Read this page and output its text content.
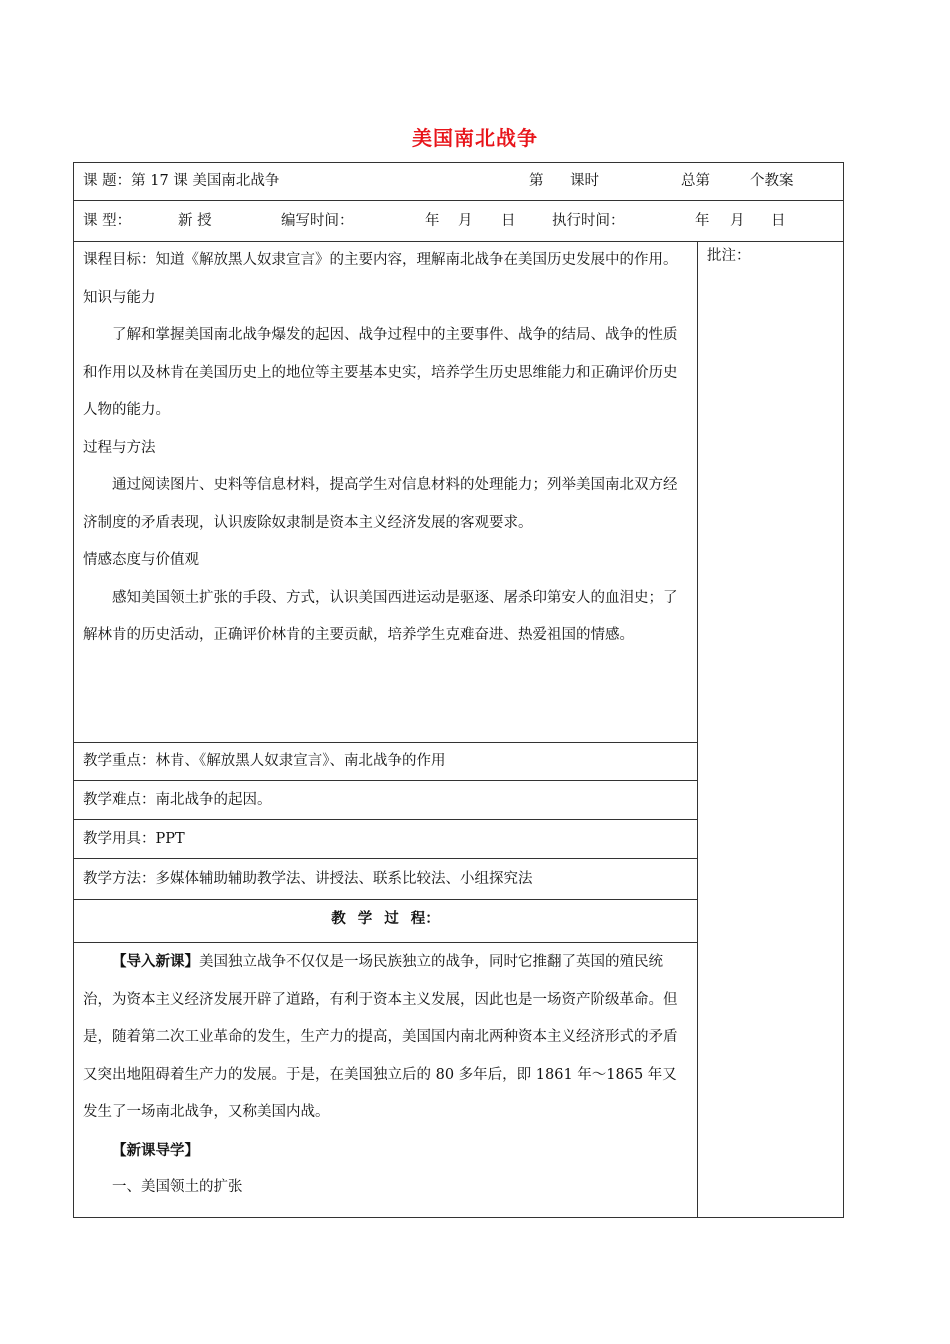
美国南北战争
课 题：第 17 课 美国南北战争	第 课时	总第	个教案

课 型：	新 授	编写时间：	年 月 日	执行时间：	年 月 日

课程目标：知道《解放黑人奴隶宣言》的主要内容，理解南北战争在美国历史发展中的作用。

知识与能力

了解和掌握美国南北战争爆发的起因、战争过程中的主要事件、战争的结局、战争的性质和作用以及林肯在美国历史上的地位等主要基本史实，培养学生历史思维能力和正确评价历史人物的能力。

过程与方法

通过阅读图片、史料等信息材料，提高学生对信息材料的处理能力；列举美国南北双方经济制度的矛盾表现，认识废除奴隶制是资本主义经济发展的客观要求。

情感态度与价值观

感知美国领土扩张的手段、方式，认识美国西进运动是驱逐、屠杀印第安人的血泪史；了解林肯的历史活动，正确评价林肯的主要贡献，培养学生克难奋进、热爱祖国的情感。

批注：

教学重点：林肯、《解放黑人奴隶宣言》、南北战争的作用

教学难点：南北战争的起因。

教学用具：PPT

教学方法：多媒体辅助辅助教学法、讲授法、联系比较法、小组探究法

教 学 过 程：

【导入新课】美国独立战争不仅仅是一场民族独立的战争，同时它推翻了英国的殖民统治，为资本主义经济发展开辟了道路，有利于资本主义发展，因此也是一场资产阶级革命。但是，随着第二次工业革命的发生，生产力的提高，美国国内南北两种资本主义经济形式的矛盾又突出地阻碍着生产力的发展。于是，在美国独立后的 80 多年后，即 1861 年～1865 年又发生了一场南北战争，又称美国内战。

【新课导学】

一、美国领土的扩张
